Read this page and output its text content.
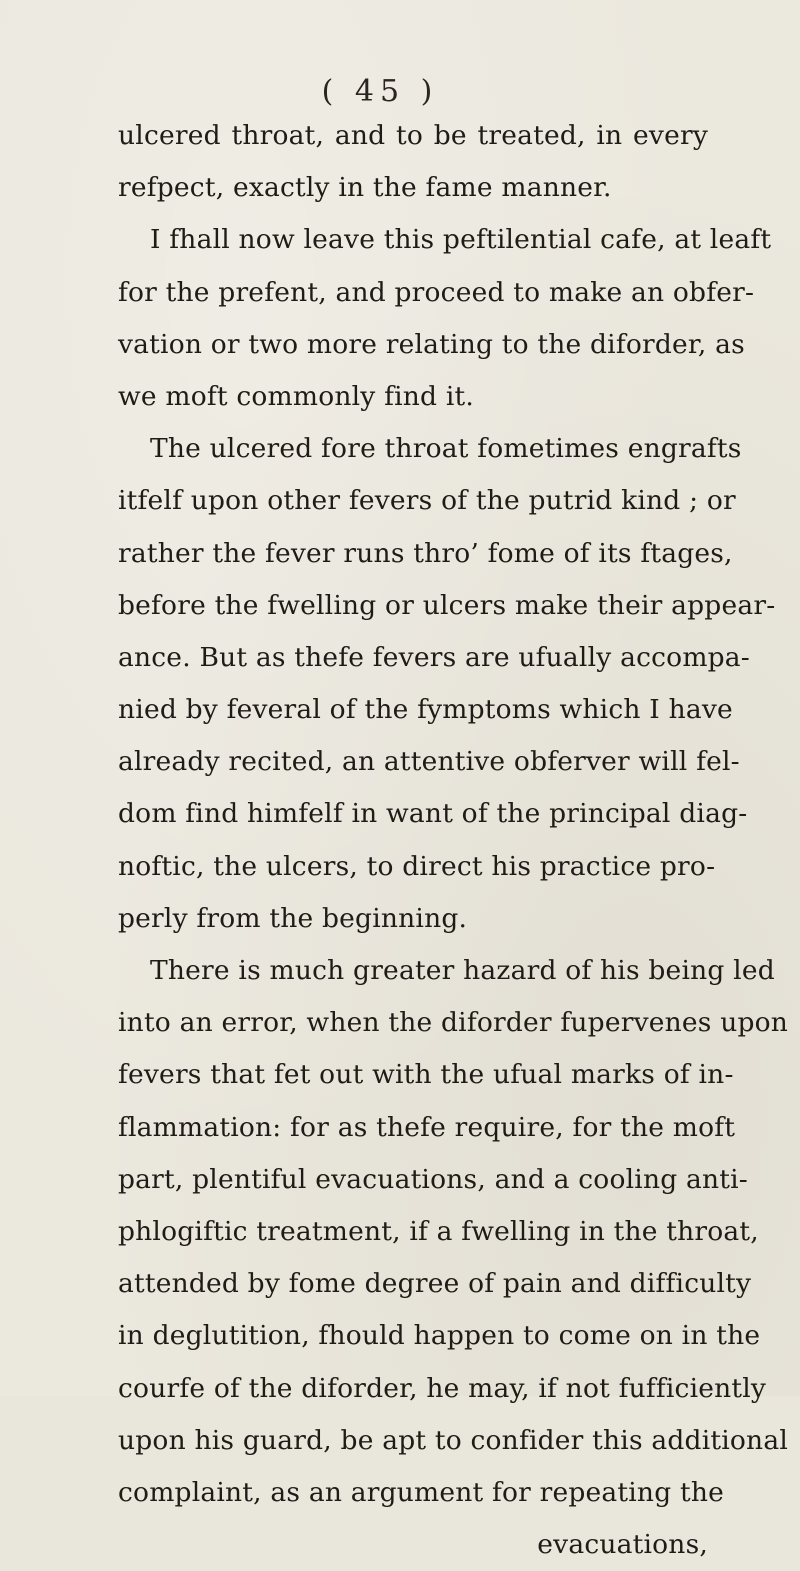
( 45 )
ulcered thrоat, and to be treated, in every
refpect, exactly in the fame manner.
I fhall now leave this peftilential cafe, at leaft
for the prefent, and proceed to make an obfer-
vation or two more relating to the diforder, as
we moft commonly find it.
The ulcered fore throat fometimes engrafts
itfelf upon other fevers of the putrid kind ; or
rather the fever runs thro’ fome of its ftages,
before the fwelling or ulcers make their appear-
ance. But as thefe fevers are ufually accompa-
nied by feveral of the fymptoms which I have
already recited, an attentive obferver will fel-
dom find himfelf in want of the principal diag-
noftic, the ulcers, to direct his practice pro-
perly from the beginning.
There is much greater hazard of his being led
into an error, when the diforder fupervenes upon
fevers that fet out with the ufual marks of in-
flammation: for as thefe require, for the moft
part, plentiful evacuations, and a cooling anti-
phlogiftic treatment, if a fwelling in the throat,
attended by fome degree of pain and difficulty
in deglutition, fhould happen to come on in the
courfe of the diforder, he may, if not fufficiently
upon his guard, be apt to confider this additional
complaint, as an argument for repeating the
evacuations,
